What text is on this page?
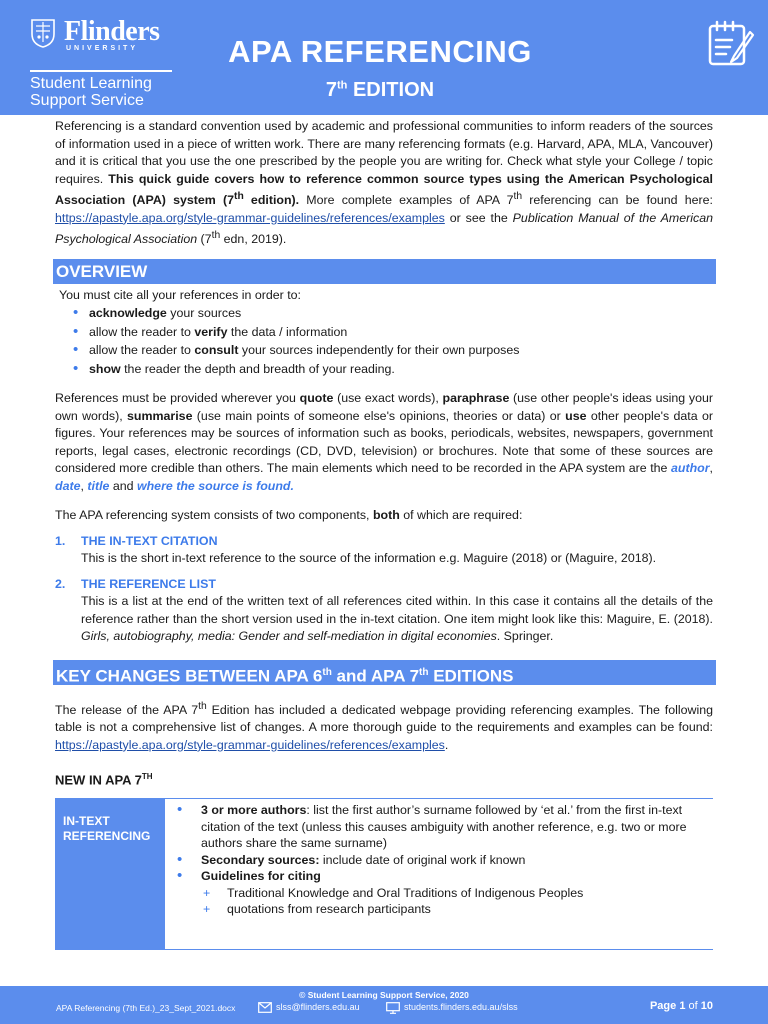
Flinders
UNIVERSITY
Student Learning
Support Service
APA REFERENCING
7th EDITION

Referencing is a standard convention used by academic and professional communities to inform readers of the sources of information used in a piece of written work. There are many referencing formats (e.g. Harvard, APA, MLA, Vancouver) and it is critical that you use the one prescribed by the people you are writing for. Check what style your College / topic requires. This quick guide covers how to reference common source types using the American Psychological Association (APA) system (7th edition). More complete examples of APA 7th referencing can be found here: https://apastyle.apa.org/style-grammar-guidelines/references/examples or see the Publication Manual of the American Psychological Association (7th edn, 2019).

OVERVIEW

You must cite all your references in order to:

• acknowledge your sources
• allow the reader to verify the data / information
• allow the reader to consult your sources independently for their own purposes
• show the reader the depth and breadth of your reading.

References must be provided wherever you quote (use exact words), paraphrase (use other people's ideas using your own words), summarise (use main points of someone else's opinions, theories or data) or use other people's data or figures. Your references may be sources of information such as books, periodicals, websites, newspapers, government reports, legal cases, electronic recordings (CD, DVD, television) or brochures. Note that some of these sources are considered more credible than others. The main elements which need to be recorded in the APA system are the author, date, title and where the source is found.

The APA referencing system consists of two components, both of which are required:

1. THE IN-TEXT CITATION
This is the short in-text reference to the source of the information e.g. Maguire (2018) or (Maguire, 2018).
2. THE REFERENCE LIST
This is a list at the end of the written text of all references cited within. In this case it contains all the details of the reference rather than the short version used in the in-text citation. One item might look like this: Maguire, E. (2018). Girls, autobiography, media: Gender and self-mediation in digital economies. Springer.
KEY CHANGES BETWEEN APA 6th and APA 7th EDITIONS

The release of the APA 7th Edition has included a dedicated webpage providing referencing examples. The following table is not a comprehensive list of changes. A more thorough guide to the requirements and examples can be found: https://apastyle.apa.org/style-grammar-guidelines/references/examples.

NEW IN APA 7TH
IN-TEXT
REFERENCING
• 3 or more authors: list the first author’s surname followed by ‘et al.’ from the first in-text citation of the text (unless this causes ambiguity with another reference, e.g. two or more authors share the same surname)
• Secondary sources: include date of original work if known
• Guidelines for citing
+ Traditional Knowledge and Oral Traditions of Indigenous Peoples
+ quotations from research participants
© Student Learning Support Service, 2020
APA Referencing (7th Ed.)_23_Sept_2021.docx	slss@flinders.edu.au	students.flinders.edu.au/slss	Page 1 of 10
